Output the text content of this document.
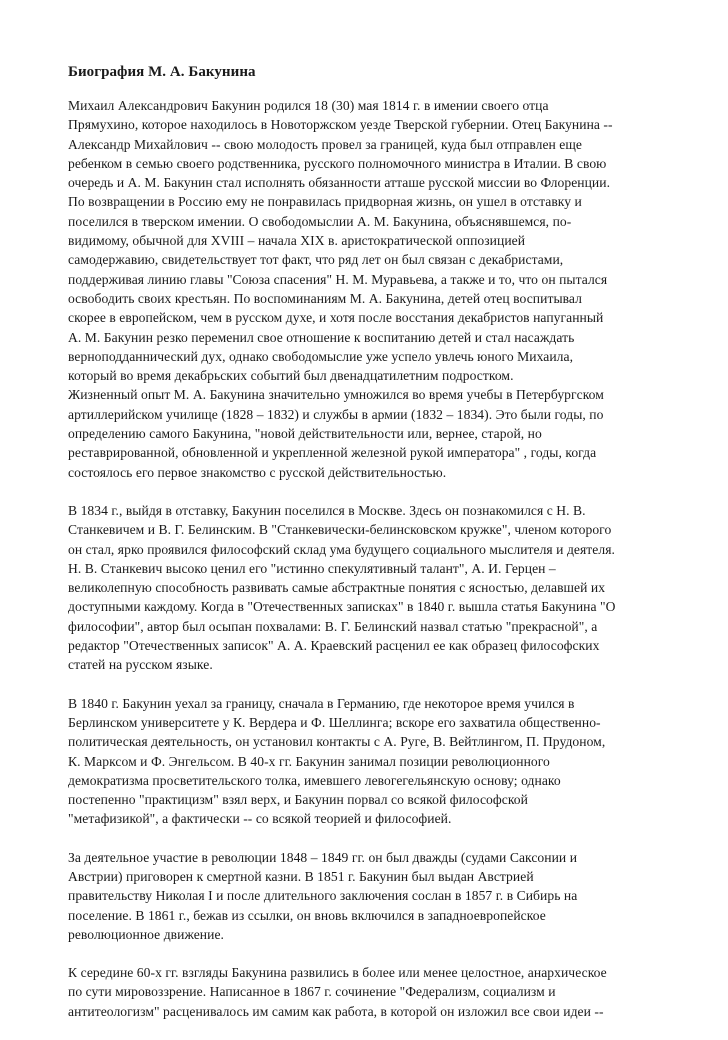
Биография М. А. Бакунина
Михаил Александрович Бакунин родился 18 (30) мая 1814 г. в имении своего отца
Прямухино, которое находилось в Новоторжском уезде Тверской губернии. Отец Бакунина --
Александр Михайлович -- свою молодость провел за границей, куда был отправлен еще
ребенком в семью своего родственника, русского полномочного министра в Италии. В свою
очередь и А. М. Бакунин стал исполнять обязанности атташе русской миссии во Флоренции.
По возвращении в Россию ему не понравилась придворная жизнь, он ушел в отставку и
поселился в тверском имении. О свободомыслии А. М. Бакунина, объяснявшемся, по-
видимому, обычной для XVIII – начала XIX в. аристократической оппозицией
самодержавию, свидетельствует тот факт, что ряд лет он был связан с декабристами,
поддерживая линию главы "Союза спасения" Н. М. Муравьева, а также и то, что он пытался
освободить своих крестьян. По воспоминаниям М. А. Бакунина, детей отец воспитывал
скорее в европейском, чем в русском духе, и хотя после восстания декабристов напуганный
А. М. Бакунин резко переменил свое отношение к воспитанию детей и стал насаждать
верноподданнический дух, однако свободомыслие уже успело увлечь юного Михаила,
который во время декабрьских событий был двенадцатилетним подростком.
Жизненный опыт М. А. Бакунина значительно умножился во время учебы в Петербургском
артиллерийском училище (1828 – 1832) и службы в армии (1832 – 1834). Это были годы, по
определению самого Бакунина, "новой действительности или, вернее, старой, но
реставрированной, обновленной и укрепленной железной рукой императора" , годы, когда
состоялось его первое знакомство с русской действительностью.
В 1834 г., выйдя в отставку, Бакунин поселился в Москве. Здесь он познакомился с Н. В.
Станкевичем и В. Г. Белинским. В "Станкевически-белинсковском кружке", членом которого
он стал, ярко проявился философский склад ума будущего социального мыслителя и деятеля.
Н. В. Станкевич высоко ценил его "истинно спекулятивный талант", А. И. Герцен –
великолепную способность развивать самые абстрактные понятия с ясностью, делавшей их
доступными каждому. Когда в "Отечественных записках" в 1840 г. вышла статья Бакунина "О
философии", автор был осыпан похвалами: В. Г. Белинский назвал статью "прекрасной", а
редактор "Отечественных записок" А. А. Краевский расценил ее как образец философских
статей на русском языке.
В 1840 г. Бакунин уехал за границу, сначала в Германию, где некоторое время учился в
Берлинском университете у К. Вердера и Ф. Шеллинга; вскоре его захватила общественно-
политическая деятельность, он установил контакты с А. Руге, В. Вейтлингом, П. Прудоном,
К. Марксом и Ф. Энгельсом. В 40-х гг. Бакунин занимал позиции революционного
демократизма просветительского толка, имевшего левогегельянскую основу; однако
постепенно "практицизм" взял верх, и Бакунин порвал со всякой философской
"метафизикой", а фактически -- со всякой теорией и философией.
За деятельное участие в революции 1848 – 1849 гг. он был дважды (судами Саксонии и
Австрии) приговорен к смертной казни. В 1851 г. Бакунин был выдан Австрией
правительству Николая I и после длительного заключения сослан в 1857 г. в Сибирь на
поселение. В 1861 г., бежав из ссылки, он вновь включился в западноевропейское
революционное движение.
К середине 60-х гг. взгляды Бакунина развились в более или менее целостное, анархическое
по сути мировоззрение. Написанное в 1867 г. сочинение "Федерализм, социализм и
антитеологизм" расценивалось им самим как работа, в которой он изложил все свои идеи --
